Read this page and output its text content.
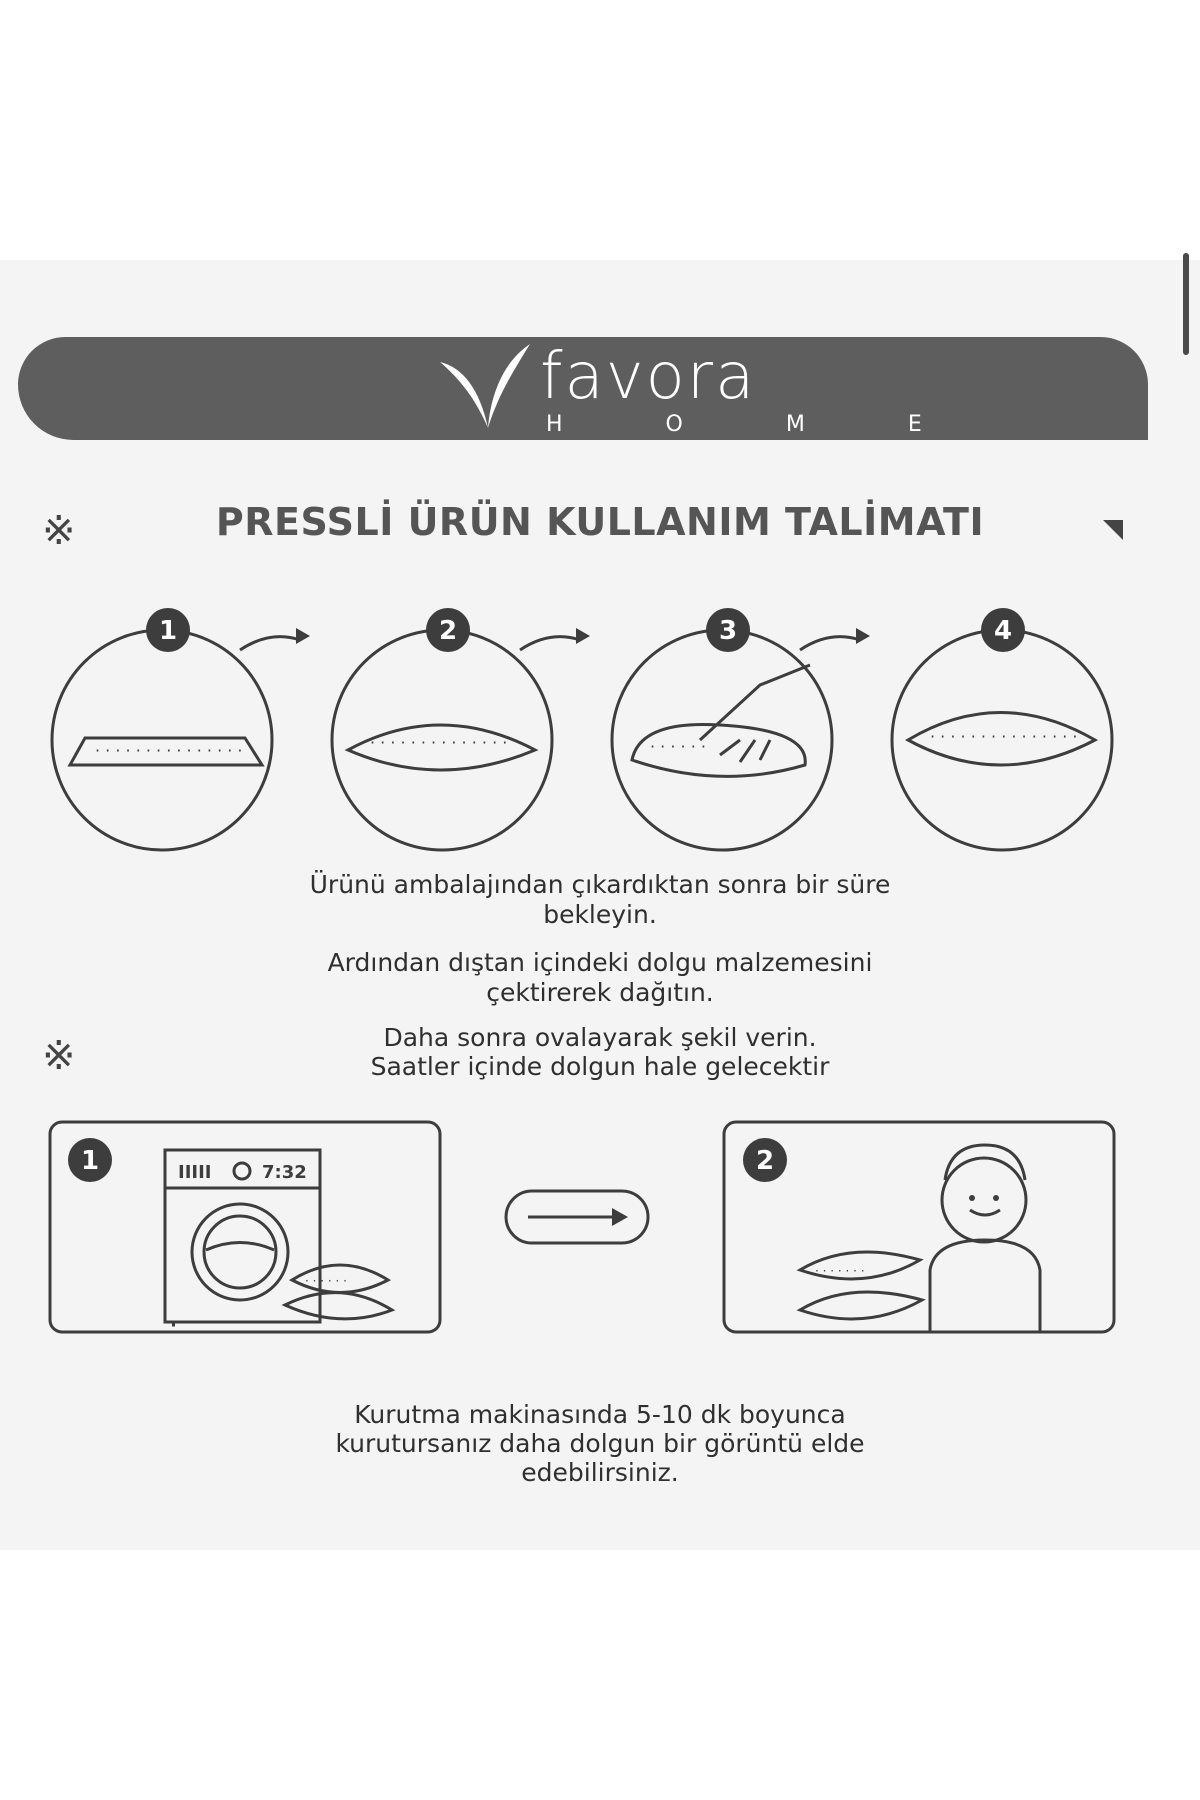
favora
H O M E
※	PRESSLİ ÜRÜN KULLANIM TALİMATI
· · · · · · · · · · · · · · ·	· · · · · · · · · · · · · ·	· · · · · ·
· · · · · · · · · · · · · · ·
1	2	3	4
Ürünü ambalajından çıkardıktan sonra bir süre
bekleyin.
Ardından dıştan içindeki dolgu malzemesini
çektirerek dağıtın.
Daha sonra ovalayarak şekil verin.
Saatler içinde dolgun hale gelecektir
※
IIIII	7:32
· · · · · ·
· · · · · · ·
1	2
Kurutma makinasında 5-10 dk boyunca
kurutursanız daha dolgun bir görüntü elde
edebilirsiniz.
